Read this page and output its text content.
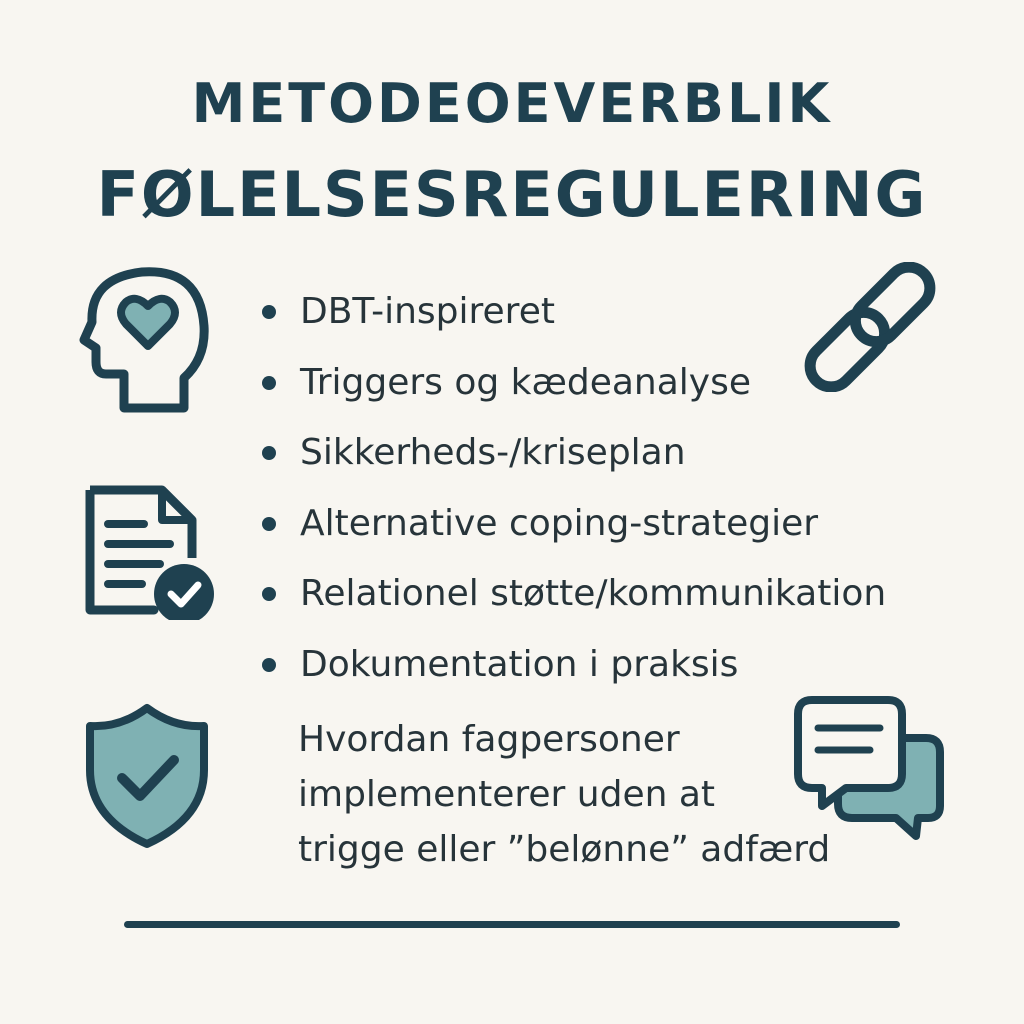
METODEOEVERBLIK
FØLELSESREGULERING
DBT-inspireret
Triggers og kædeanalyse
Sikkerheds-/kriseplan
Alternative coping-strategier
Relationel støtte/kommunikation
Dokumentation i praksis
Hvordan fagpersoner
implementerer uden at
trigge eller ”belønne” adfærd
